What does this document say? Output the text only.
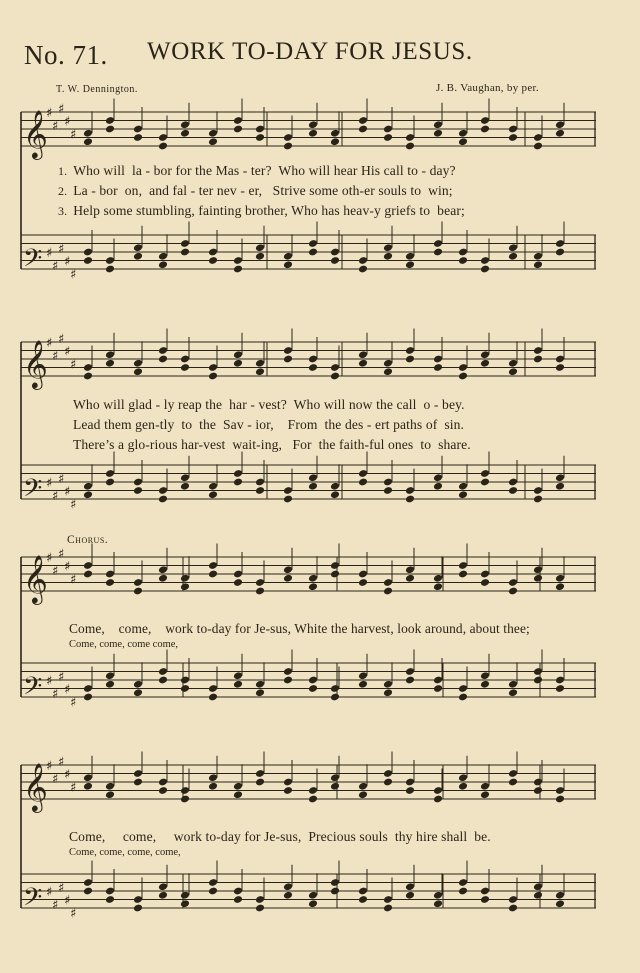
𝄞
♯
♯
♯
♯
♯
𝄢 ♯
♯
♯
♯
♯
𝄞
♯
♯
♯
♯
♯
𝄢 ♯
♯
♯
♯
♯
𝄞
♯
♯
♯
♯
♯
𝄢 ♯
♯
♯
♯
♯
𝄞
♯
♯
♯
♯
♯
𝄢 ♯
♯
♯
♯
♯
No. 71. WORK TO-DAY FOR JESUS.
T. W. Dennington.	J. B. Vaughan, by per.
1. Who will  la - bor for the Mas - ter?  Who will hear His call to - day?
2. La - bor  on,  and fal - ter nev - er,   Strive some oth-er souls to  win;
3. Help some stumbling, fainting brother, Who has heav-y griefs to  bear;
Who will glad - ly reap the  har - vest?  Who will now the call  o - bey.
Lead them gen-tly  to  the  Sav - ior,    From  the des - ert paths of  sin.
There’s a glo-rious har-vest  wait-ing,   For  the faith-ful ones  to  share.
Chorus.
Come,    come,    work to-day for Je-sus, White the harvest, look around, about thee;
Come, come, come come,
Come,     come,     work to-day for Je-sus,  Precious souls  thy hire shall  be.
Come, come, come, come,
